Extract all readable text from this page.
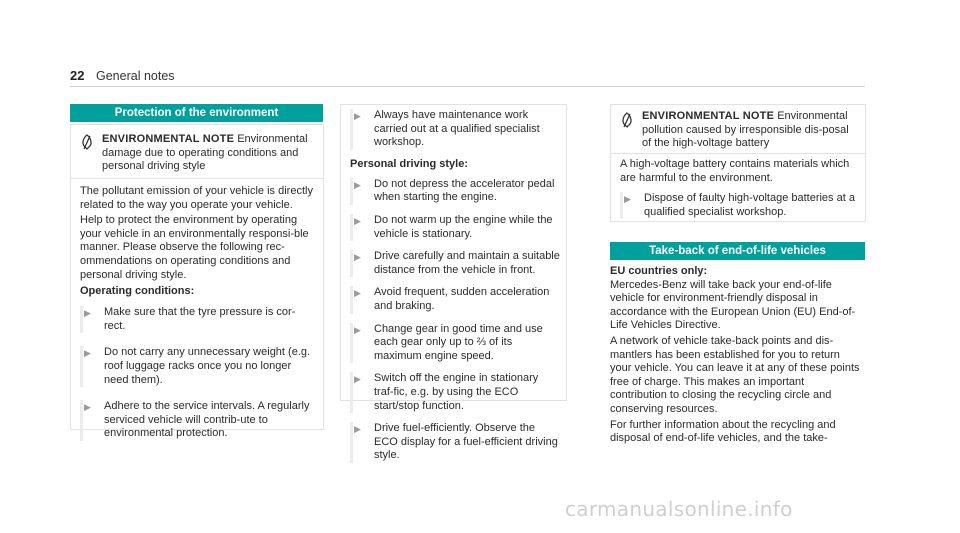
22 General notes
Protection of the environment
ENVIRONMENTAL NOTE Environmental damage due to operating conditions and personal driving style

The pollutant emission of your vehicle is directly related to the way you operate your vehicle.

Help to protect the environment by operating your vehicle in an environmentally responsi-ble manner. Please observe the following rec-ommendations on operating conditions and personal driving style.

Operating conditions:
▶ Make sure that the tyre pressure is cor-rect.
▶ Do not carry any unnecessary weight (e.g. roof luggage racks once you no longer need them).
▶ Adhere to the service intervals. A regularly serviced vehicle will contrib-ute to environmental protection.
▶ Always have maintenance work carried out at a qualified specialist workshop.
Personal driving style:
▶ Do not depress the accelerator pedal when starting the engine.
▶ Do not warm up the engine while the vehicle is stationary.
▶ Drive carefully and maintain a suitable distance from the vehicle in front.
▶ Avoid frequent, sudden acceleration and braking.
▶ Change gear in good time and use each gear only up to ⅔ of its maximum engine speed.
▶ Switch off the engine in stationary traf-fic, e.g. by using the ECO start/stop function.
▶ Drive fuel-efficiently. Observe the ECO display for a fuel-efficient driving style.
ENVIRONMENTAL NOTE Environmental pollution caused by irresponsible dis-posal of the high-voltage battery

A high-voltage battery contains materials which are harmful to the environment.

▶ Dispose of faulty high-voltage batteries at a qualified specialist workshop.
Take-back of end-of-life vehicles
EU countries only:

Mercedes-Benz will take back your end-of-life vehicle for environment-friendly disposal in accordance with the European Union (EU) End-of-Life Vehicles Directive.

A network of vehicle take-back points and dis-mantlers has been established for you to return your vehicle. You can leave it at any of these points free of charge. This makes an important contribution to closing the recycling circle and conserving resources.

For further information about the recycling and disposal of end-of-life vehicles, and the take-

carmanualsonline.info
